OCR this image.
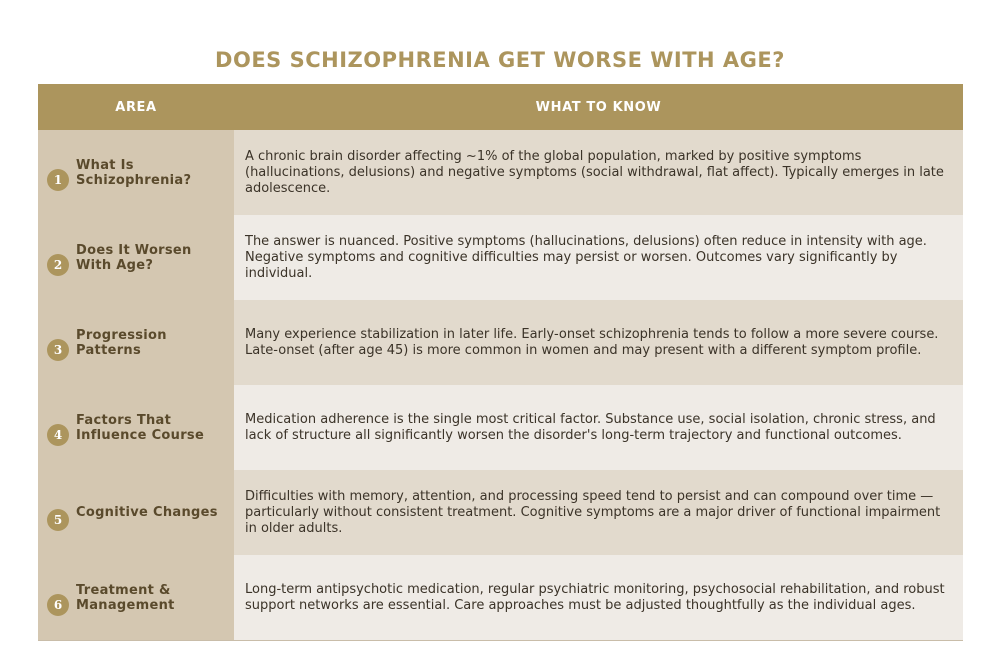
DOES SCHIZOPHRENIA GET WORSE WITH AGE?
AREA	WHAT TO KNOW
1
What Is Schizophrenia?
A chronic brain disorder affecting ~1% of the global population, marked by positive symptoms (hallucinations, delusions) and negative symptoms (social withdrawal, flat affect). Typically emerges in late adolescence.
2
Does It Worsen With Age?
The answer is nuanced. Positive symptoms (hallucinations, delusions) often reduce in intensity with age. Negative symptoms and cognitive difficulties may persist or worsen. Outcomes vary significantly by individual.
3
Progression Patterns
Many experience stabilization in later life. Early-onset schizophrenia tends to follow a more severe course. Late-onset (after age 45) is more common in women and may present with a different symptom profile.
4
Factors That Influence Course
Medication adherence is the single most critical factor. Substance use, social isolation, chronic stress, and lack of structure all significantly worsen the disorder's long-term trajectory and functional outcomes.
5	Cognitive Changes
Difficulties with memory, attention, and processing speed tend to persist and can compound over time — particularly without consistent treatment. Cognitive symptoms are a major driver of functional impairment in older adults.
6
Treatment & Management
Long-term antipsychotic medication, regular psychiatric monitoring, psychosocial rehabilitation, and robust support networks are essential. Care approaches must be adjusted thoughtfully as the individual ages.
